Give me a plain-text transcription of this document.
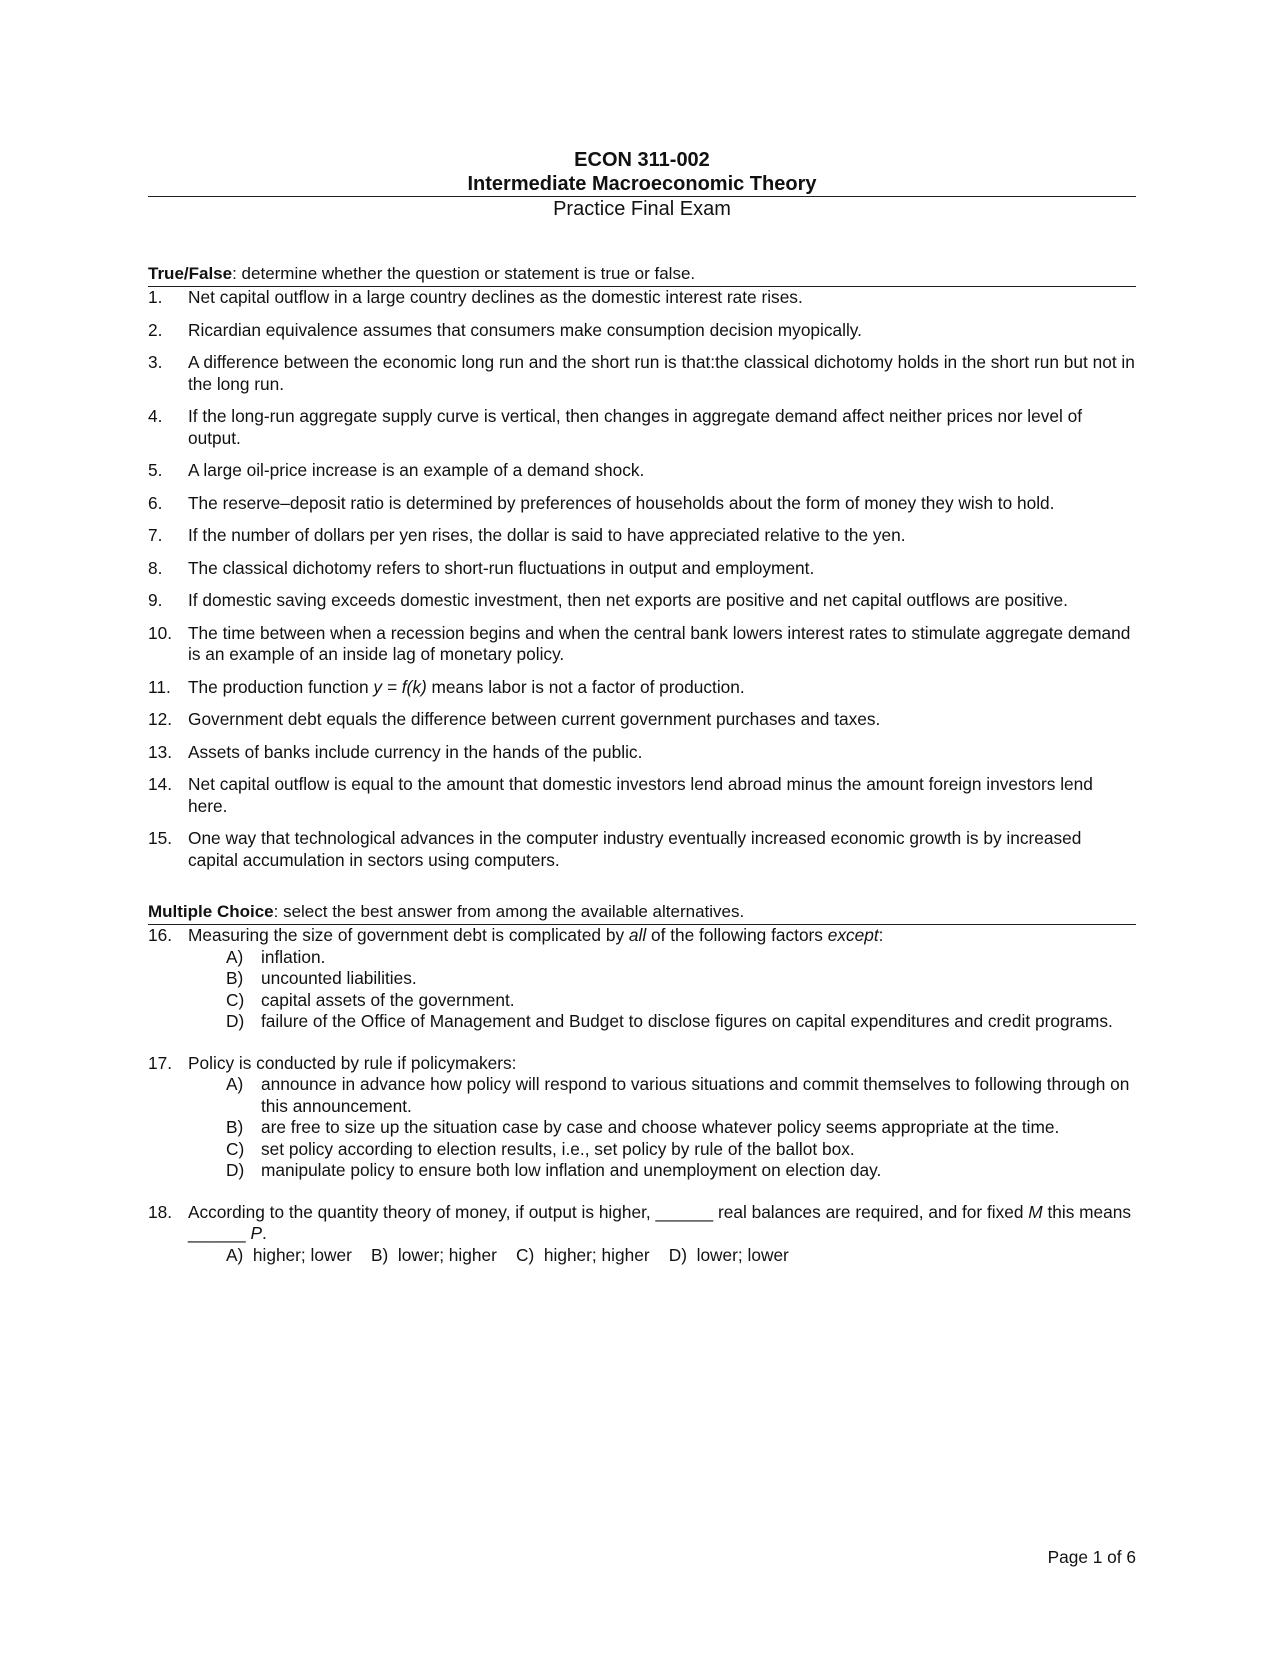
ECON 311-002
Intermediate Macroeconomic Theory
Practice Final Exam
True/False: determine whether the question or statement is true or false.
1. Net capital outflow in a large country declines as the domestic interest rate rises.
2. Ricardian equivalence assumes that consumers make consumption decision myopically.
3. A difference between the economic long run and the short run is that:the classical dichotomy holds in the short run but not in the long run.
4. If the long-run aggregate supply curve is vertical, then changes in aggregate demand affect neither prices nor level of output.
5. A large oil-price increase is an example of a demand shock.
6. The reserve–deposit ratio is determined by preferences of households about the form of money they wish to hold.
7. If the number of dollars per yen rises, the dollar is said to have appreciated relative to the yen.
8. The classical dichotomy refers to short-run fluctuations in output and employment.
9. If domestic saving exceeds domestic investment, then net exports are positive and net capital outflows are positive.
10. The time between when a recession begins and when the central bank lowers interest rates to stimulate aggregate demand is an example of an inside lag of monetary policy.
11. The production function y = f(k) means labor is not a factor of production.
12. Government debt equals the difference between current government purchases and taxes.
13. Assets of banks include currency in the hands of the public.
14. Net capital outflow is equal to the amount that domestic investors lend abroad minus the amount foreign investors lend here.
15. One way that technological advances in the computer industry eventually increased economic growth is by increased capital accumulation in sectors using computers.
Multiple Choice: select the best answer from among the available alternatives.
16. Measuring the size of government debt is complicated by all of the following factors except:
A) inflation.
B) uncounted liabilities.
C) capital assets of the government.
D) failure of the Office of Management and Budget to disclose figures on capital expenditures and credit programs.
17. Policy is conducted by rule if policymakers:
A) announce in advance how policy will respond to various situations and commit themselves to following through on this announcement.
B) are free to size up the situation case by case and choose whatever policy seems appropriate at the time.
C) set policy according to election results, i.e., set policy by rule of the ballot box.
D) manipulate policy to ensure both low inflation and unemployment on election day.
18. According to the quantity theory of money, if output is higher, ______ real balances are required, and for fixed M this means ______ P.
A)  higher; lower    B)  lower; higher    C)  higher; higher    D)  lower; lower
Page 1 of 6
